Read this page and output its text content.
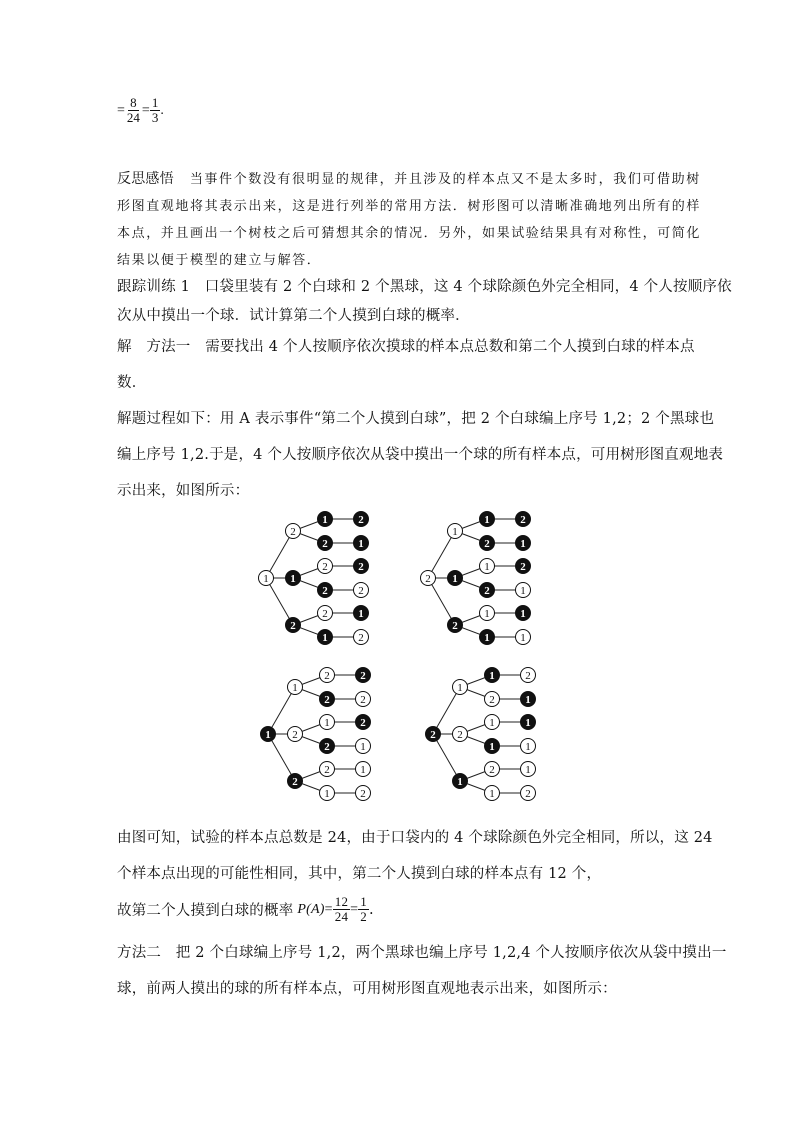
= $\frac{8}{24} = \frac{1}{3}$ .
反思感悟 当事件个数没有很明显的规律，并且涉及的样本点又不是太多时，我们可借助树
形图直观地将其表示出来，这是进行列举的常用方法．树形图可以清晰准确地列出所有的样
本点，并且画出一个树枝之后可猜想其余的情况．另外，如果试验结果具有对称性，可简化
结果以便于模型的建立与解答．
跟踪训练 1　口袋里装有 2 个白球和 2 个黑球，这 4 个球除颜色外完全相同，4 个人按顺序依
次从中摸出一个球．试计算第二个人摸到白球的概率．
解　方法一　需要找出 4 个人按顺序依次摸球的样本点总数和第二个人摸到白球的样本点
数．
解题过程如下：用 A 表示事件“第二个人摸到白球”，把 2 个白球编上序号 1,2；2 个黑球也
编上序号 1,2.于是，4 个人按顺序依次从袋中摸出一个球的所有样本点，可用树形图直观地表
示出来，如图所示：
1
2
1	2
2	1
1
2	2
2	2
2
2	1
1	2
2
1
1	2
2	1
1
1	2
2	1
2
1	1
1	1
1
1
2	2
2	2
2
1	2
2	1
2
2	1
1	2
2
1
1	2
2	1
2
1	1
1	1
1
2	1
1	2
由图可知，试验的样本点总数是 24，由于口袋内的 4 个球除颜色外完全相同，所以，这 24
个样本点出现的可能性相同，其中，第二个人摸到白球的样本点有 12 个，
故第二个人摸到白球的概率 $P(A) = \frac{12}{24} = \frac{1}{2}$ .
方法二　把 2 个白球编上序号 1,2，两个黑球也编上序号 1,2,4 个人按顺序依次从袋中摸出一
球，前两人摸出的球的所有样本点，可用树形图直观地表示出来，如图所示：
